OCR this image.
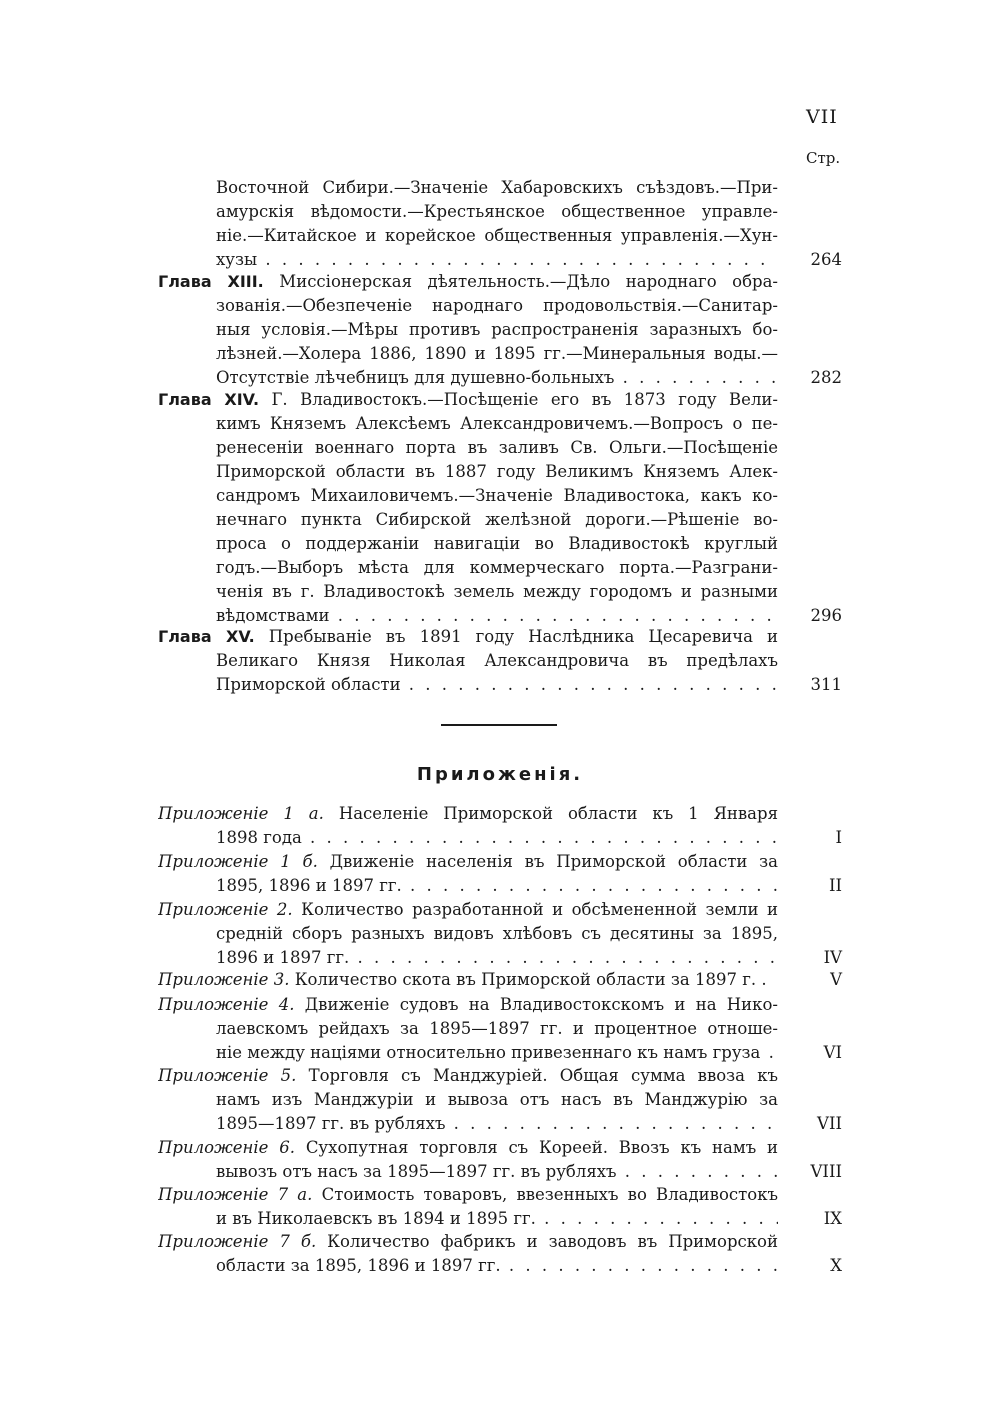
VII
Стр.
Восточной Сибири.—Значеніе Хабаровскихъ съѣздовъ.—При-
амурскія вѣдомости.—Крестьянское общественное управле-
ніе.—Китайское и корейское общественныя управленія.—Хун-
хузы . . .	264
Глава XIII. Миссіонерская дѣятельность.—Дѣло народнаго обра-
зованія.—Обезпеченіе народнаго продовольствія.—Санитар-
ныя условія.—Мѣры противъ распространенія заразныхъ бо-
лѣзней.—Холера 1886, 1890 и 1895 гг.—Минеральныя воды.—
Отсутствіе лѣчебницъ для душевно-больныхъ . . .	282
Глава XIV. Г. Владивостокъ.—Посѣщеніе его въ 1873 году Вели-
кимъ Княземъ Алексѣемъ Александровичемъ.—Вопросъ о пе-
ренесеніи военнаго порта въ заливъ Св. Ольги.—Посѣщеніе
Приморской области въ 1887 году Великимъ Княземъ Алек-
сандромъ Михаиловичемъ.—Значеніе Владивостока, какъ ко-
нечнаго пункта Сибирской желѣзной дороги.—Рѣшеніе во-
проса о поддержаніи навигаціи во Владивостокѣ круглый
годъ.—Выборъ мѣста для коммерческаго порта.—Разграни-
ченія въ г. Владивостокѣ земель между городомъ и разными
вѣдомствами . . .	296
Глава XV. Пребываніе въ 1891 году Наслѣдника Цесаревича и
Великаго Князя Николая Александровича въ предѣлахъ
Приморской области . . .	311
Приложенія.
Приложеніе 1 а. Населеніе Приморской области къ 1 Января
1898 года . . .	I
Приложеніе 1 б. Движеніе населенія въ Приморской области за
1895, 1896 и 1897 гг. . . .	II
Приложеніе 2. Количество разработанной и обсѣмененной земли и
средній сборъ разныхъ видовъ хлѣбовъ съ десятины за 1895,
1896 и 1897 гг. . . .	IV
Приложеніе 3. Количество скота въ Приморской области за 1897 г. . . .	V
Приложеніе 4. Движеніе судовъ на Владивостокскомъ и на Нико-
лаевскомъ рейдахъ за 1895—1897 гг. и процентное отноше-
ніе между націями относительно привезеннаго къ намъ груза . . .	VI
Приложеніе 5. Торговля съ Манджуріей. Общая сумма ввоза къ
намъ изъ Манджуріи и вывоза отъ насъ въ Манджурію за
1895—1897 гг. въ рубляхъ . . .	VII
Приложеніе 6. Сухопутная торговля съ Кореей. Ввозъ къ намъ и
вывозъ отъ насъ за 1895—1897 гг. въ рубляхъ . . .	VIII
Приложеніе 7 а. Стоимость товаровъ, ввезенныхъ во Владивостокъ
и въ Николаевскъ въ 1894 и 1895 гг. . . .	IX
Приложеніе 7 б. Количество фабрикъ и заводовъ въ Приморской
области за 1895, 1896 и 1897 гг. . . .	X
